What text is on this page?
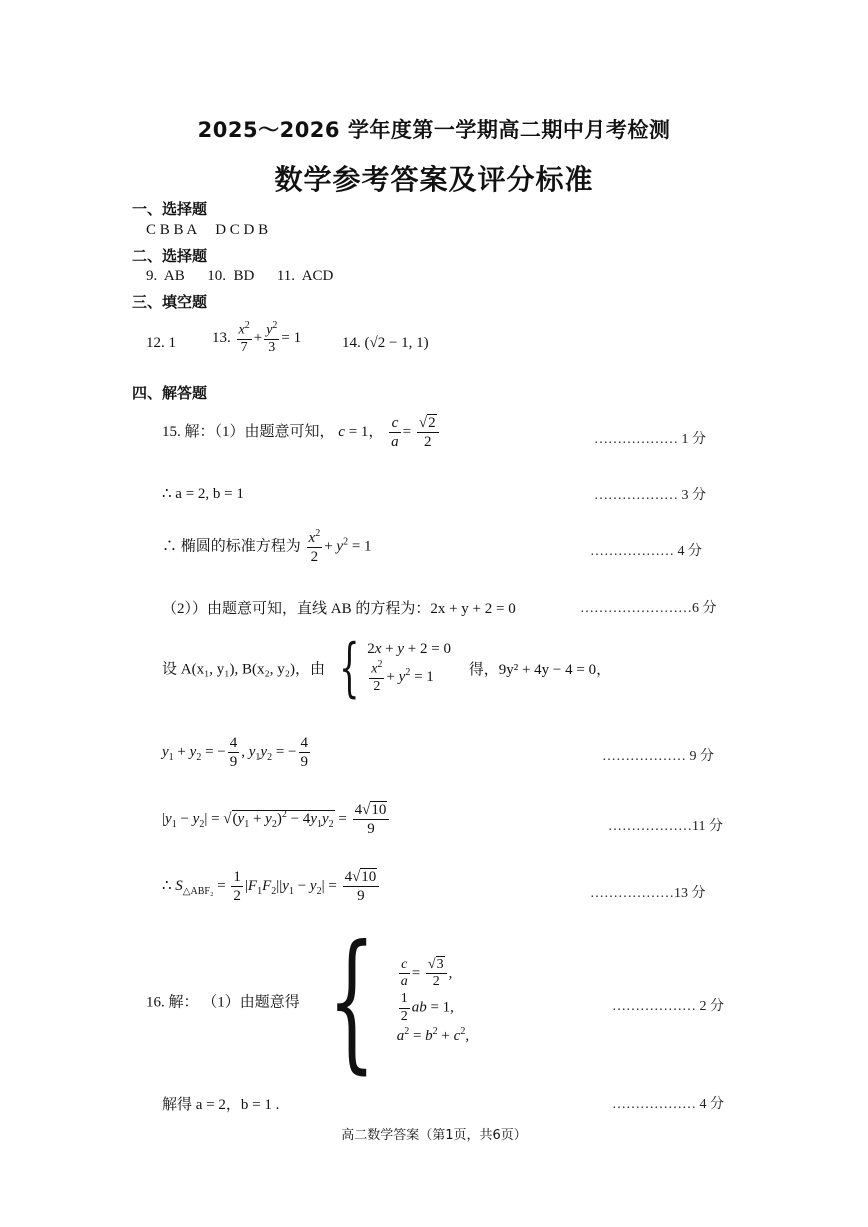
2025～2026 学年度第一学期高二期中月考检测
数学参考答案及评分标准
一、选择题
C B B A     D C D B
二、选择题
9.  AB      10.  BD      11.  ACD
三、填空题
12. 1 13. $\frac{x^2}{7} + \frac{y^2}{3} = 1$	14. (√2 − 1, 1)
四、解答题
15. 解：（1）由题意可知， c = 1， $\frac{c}{a} = \frac{√2}{2}$	……………… 1 分
∴ a = 2, b = 1	……………… 3 分
∴ 椭圆的标准方程为 $\frac{x^2}{2} + y^2 = 1$	……………… 4 分
（2））由题意可知，直线 AB 的方程为：2x + y + 2 = 0	……………………6 分
设 A(x₁, y₁), B(x₂, y₂)，由 { 2x + y + 2 = 0
$\frac{x^2}{2} + y^2 = 1$	得，9y² + 4y − 4 = 0，
$y_1 + y_2$ = − $\frac{4}{9}$ , $y_1y_2$ = − $\frac{4}{9}$	……………… 9 分
$|y_1 - y_2| = √(y_1 + y_2)^2 - 4y_1y_2 = \frac{4√10}{9}$	………………11 分
∴ $S_{\triangle ABF_2} = \frac{1}{2} |F_1F_2||y_1 - y_2| = \frac{4√10}{9}$	………………13 分
16. 解： （1）由题意得 { $\frac{c}{a} = \frac{√3}{2}$ ,
$\frac{1}{2}$ ab = 1,
$a^2 = b^2 + c^2$,
……………… 2 分
解得 a = 2，b = 1 .	……………… 4 分
高二数学答案（第1页，共6页）
